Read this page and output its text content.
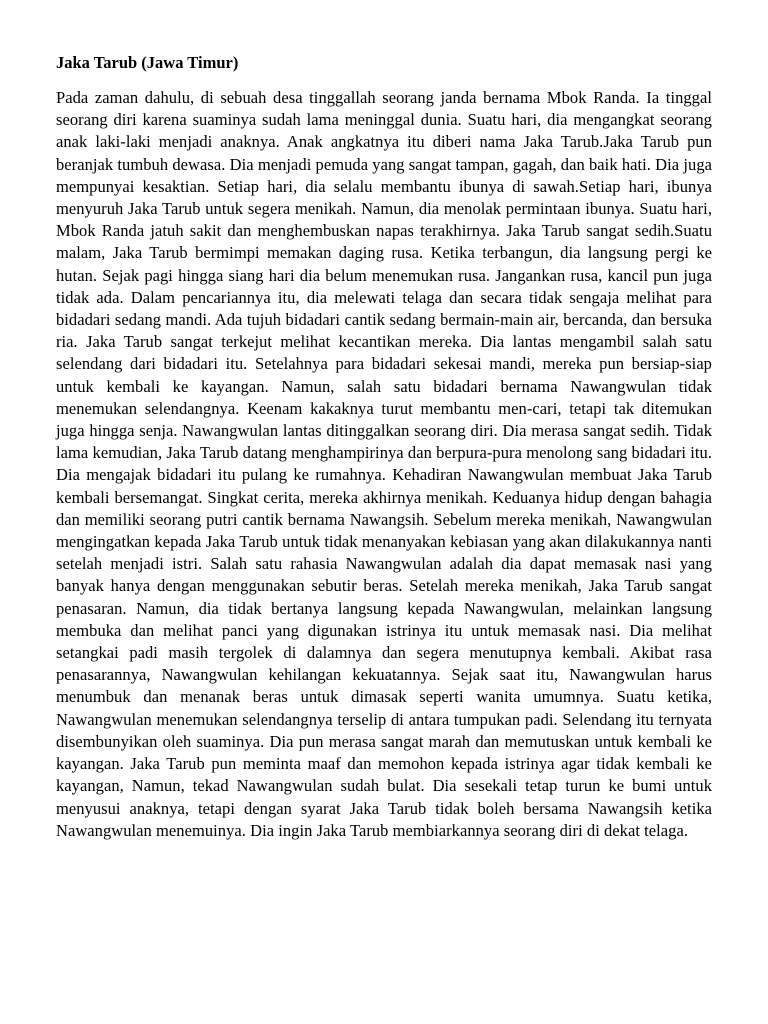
Jaka Tarub (Jawa Timur)

Pada zaman dahulu, di sebuah desa tinggallah seorang janda bernama Mbok Randa. Ia tinggal seorang diri karena suaminya sudah lama meninggal dunia. Suatu hari, dia mengangkat seorang anak laki-laki menjadi anaknya. Anak angkatnya itu diberi nama Jaka Tarub.Jaka Tarub pun beranjak tumbuh dewasa. Dia menjadi pemuda yang sangat tampan, gagah, dan baik hati. Dia juga mempunyai kesaktian. Setiap hari, dia selalu membantu ibunya di sawah.Setiap hari, ibunya menyuruh Jaka Tarub untuk segera menikah. Namun, dia menolak permintaan ibunya. Suatu hari, Mbok Randa jatuh sakit dan menghembuskan napas terakhirnya. Jaka Tarub sangat sedih.Suatu malam, Jaka Tarub bermimpi memakan daging rusa. Ketika terbangun, dia langsung pergi ke hutan. Sejak pagi hingga siang hari dia belum menemukan rusa. Jangankan rusa, kancil pun juga tidak ada. Dalam pencariannya itu, dia melewati telaga dan secara tidak sengaja melihat para bidadari sedang mandi. Ada tujuh bidadari cantik sedang bermain-main air, bercanda, dan bersuka ria. Jaka Tarub sangat terkejut melihat kecantikan mereka. Dia lantas mengambil salah satu selendang dari bidadari itu. Setelahnya para bidadari sekesai mandi, mereka pun bersiap-siap untuk kembali ke kayangan. Namun, salah satu bidadari bernama Nawangwulan tidak menemukan selendangnya. Keenam kakaknya turut membantu men-cari, tetapi tak ditemukan juga hingga senja. Nawangwulan lantas ditinggalkan seorang diri. Dia merasa sangat sedih. Tidak lama kemudian, Jaka Tarub datang menghampirinya dan berpura-pura menolong sang bidadari itu. Dia mengajak bidadari itu pulang ke rumahnya. Kehadiran Nawangwulan membuat Jaka Tarub kembali bersemangat. Singkat cerita, mereka akhirnya menikah. Keduanya hidup dengan bahagia dan memiliki seorang putri cantik bernama Nawangsih. Sebelum mereka menikah, Nawangwulan mengingatkan kepada Jaka Tarub untuk tidak menanyakan kebiasan yang akan dilakukannya nanti setelah menjadi istri. Salah satu rahasia Nawangwulan adalah dia dapat memasak nasi yang banyak hanya dengan menggunakan sebutir beras. Setelah mereka menikah, Jaka Tarub sangat penasaran. Namun, dia tidak bertanya langsung kepada Nawangwulan, melainkan langsung membuka dan melihat panci yang digunakan istrinya itu untuk memasak nasi. Dia melihat setangkai padi masih tergolek di dalamnya dan segera menutupnya kembali. Akibat rasa penasarannya, Nawangwulan kehilangan kekuatannya. Sejak saat itu, Nawangwulan harus menumbuk dan menanak beras untuk dimasak seperti wanita umumnya. Suatu ketika, Nawangwulan menemukan selendangnya terselip di antara tumpukan padi. Selendang itu ternyata disembunyikan oleh suaminya. Dia pun merasa sangat marah dan memutuskan untuk kembali ke kayangan. Jaka Tarub pun meminta maaf dan memohon kepada istrinya agar tidak kembali ke kayangan, Namun, tekad Nawangwulan sudah bulat. Dia sesekali tetap turun ke bumi untuk menyusui anaknya, tetapi dengan syarat Jaka Tarub tidak boleh bersama Nawangsih ketika Nawangwulan menemuinya. Dia ingin Jaka Tarub membiarkannya seorang diri di dekat telaga.
